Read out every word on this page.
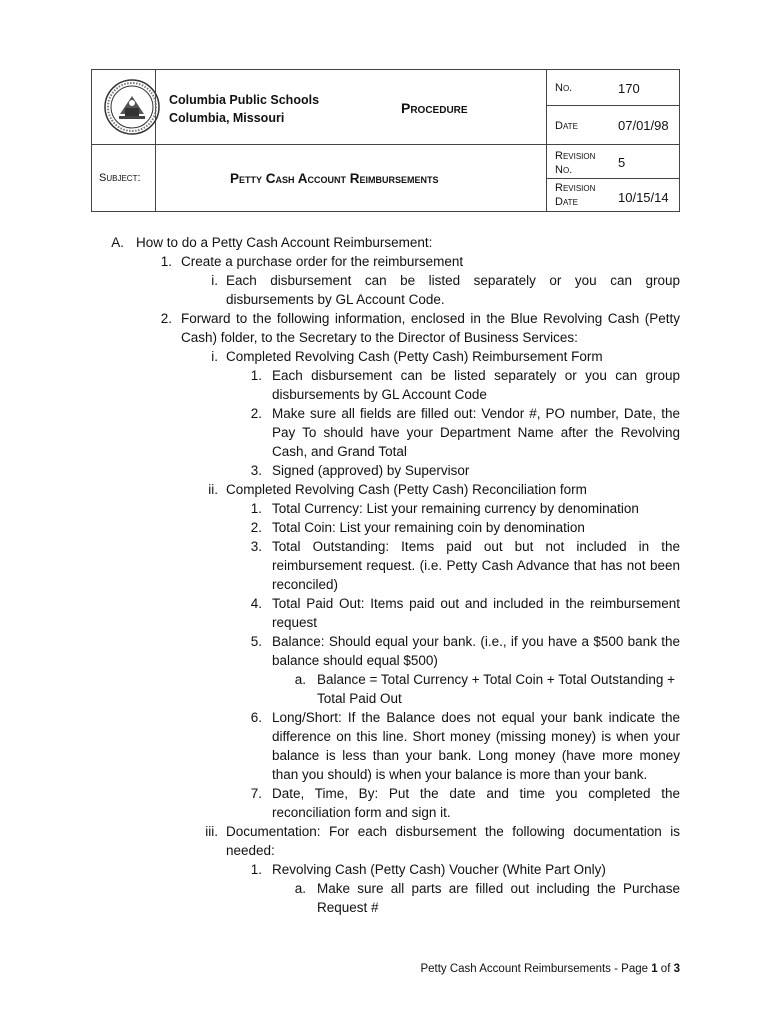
Columbia Public Schools
Columbia, Missouri
Procedure
Subject:	Petty Cash Account Reimbursements
No.	170
Date	07/01/98
Revision No.	5
Revision Date	10/15/14
A. How to do a Petty Cash Account Reimbursement:
1. Create a purchase order for the reimbursement
i. Each disbursement can be listed separately or you can group disbursements by GL Account Code.
2. Forward to the following information, enclosed in the Blue Revolving Cash (Petty Cash) folder, to the Secretary to the Director of Business Services:
i. Completed Revolving Cash (Petty Cash) Reimbursement Form
1. Each disbursement can be listed separately or you can group disbursements by GL Account Code
2. Make sure all fields are filled out: Vendor #, PO number, Date, the Pay To should have your Department Name after the Revolving Cash, and Grand Total
3. Signed (approved) by Supervisor
ii. Completed Revolving Cash (Petty Cash) Reconciliation form
1. Total Currency: List your remaining currency by denomination
2. Total Coin: List your remaining coin by denomination
3. Total Outstanding: Items paid out but not included in the reimbursement request. (i.e. Petty Cash Advance that has not been reconciled)
4. Total Paid Out: Items paid out and included in the reimbursement request
5. Balance: Should equal your bank. (i.e., if you have a $500 bank the balance should equal $500)
a. Balance = Total Currency + Total Coin + Total Outstanding + Total Paid Out
6. Long/Short: If the Balance does not equal your bank indicate the difference on this line. Short money (missing money) is when your balance is less than your bank. Long money (have more money than you should) is when your balance is more than your bank.
7. Date, Time, By: Put the date and time you completed the reconciliation form and sign it.
iii. Documentation: For each disbursement the following documentation is needed:
1. Revolving Cash (Petty Cash) Voucher (White Part Only)
a. Make sure all parts are filled out including the Purchase Request #
Petty Cash Account Reimbursements - Page 1 of 3
